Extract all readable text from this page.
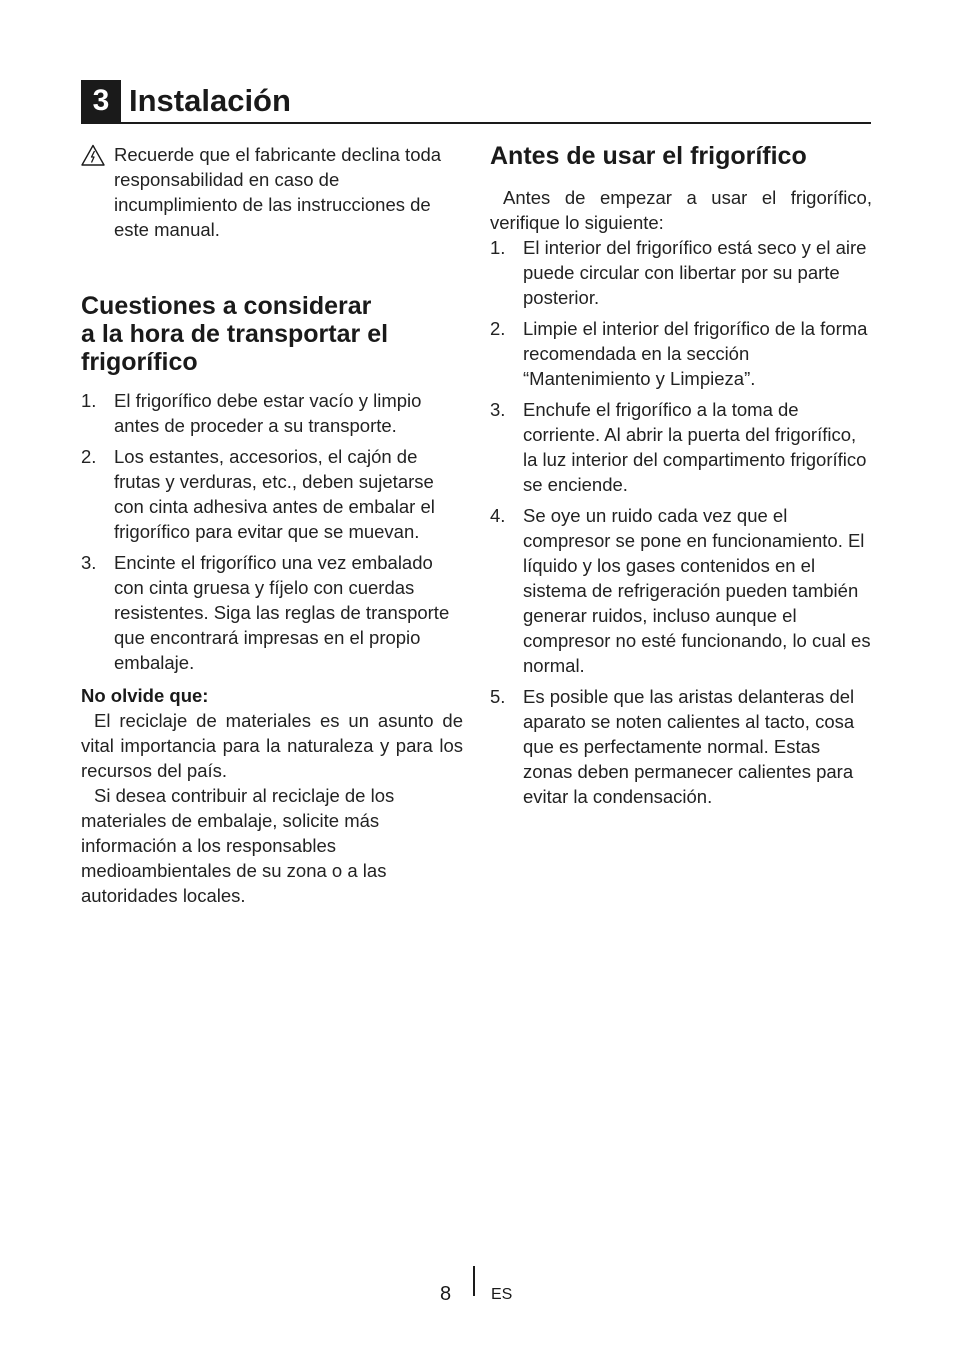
3 Instalación
Recuerde que el fabricante declina toda responsabilidad en caso de incumplimiento de las instrucciones de este manual.
Cuestiones a considerar
a la hora de transportar el
frigorífico
1. El frigorífico debe estar vacío y limpio antes de proceder a su transporte.
2. Los estantes, accesorios, el cajón de frutas y verduras, etc., deben sujetarse con cinta adhesiva antes de embalar el frigorífico para evitar que se muevan.
3. Encinte el frigorífico una vez embalado con cinta gruesa y fíjelo con cuerdas resistentes. Siga las reglas de transporte que encontrará impresas en el propio embalaje.
No olvide que:

El reciclaje de materiales es un asunto de vital importancia para la naturaleza y para los recursos del país.

Si desea contribuir al reciclaje de los materiales de embalaje, solicite más información a los responsables medioambientales de su zona o a las autoridades locales.

Antes de usar el frigorífico

Antes de empezar a usar el frigorífico, verifique lo siguiente:

1. El interior del frigorífico está seco y el aire puede circular con libertar por su parte posterior.
2. Limpie el interior del frigorífico de la forma recomendada en la sección “Mantenimiento y Limpieza”.
3. Enchufe el frigorífico a la toma de corriente. Al abrir la puerta del frigorífico, la luz interior del compartimento frigorífico se enciende.
4. Se oye un ruido cada vez que el compresor se pone en funcionamiento. El líquido y los gases contenidos en el sistema de refrigeración pueden también generar ruidos, incluso aunque el compresor no esté funcionando, lo cual es normal.
5. Es posible que las aristas delanteras del aparato se noten calientes al tacto, cosa que es perfectamente normal. Estas zonas deben permanecer calientes para evitar la condensación.
8 ES
